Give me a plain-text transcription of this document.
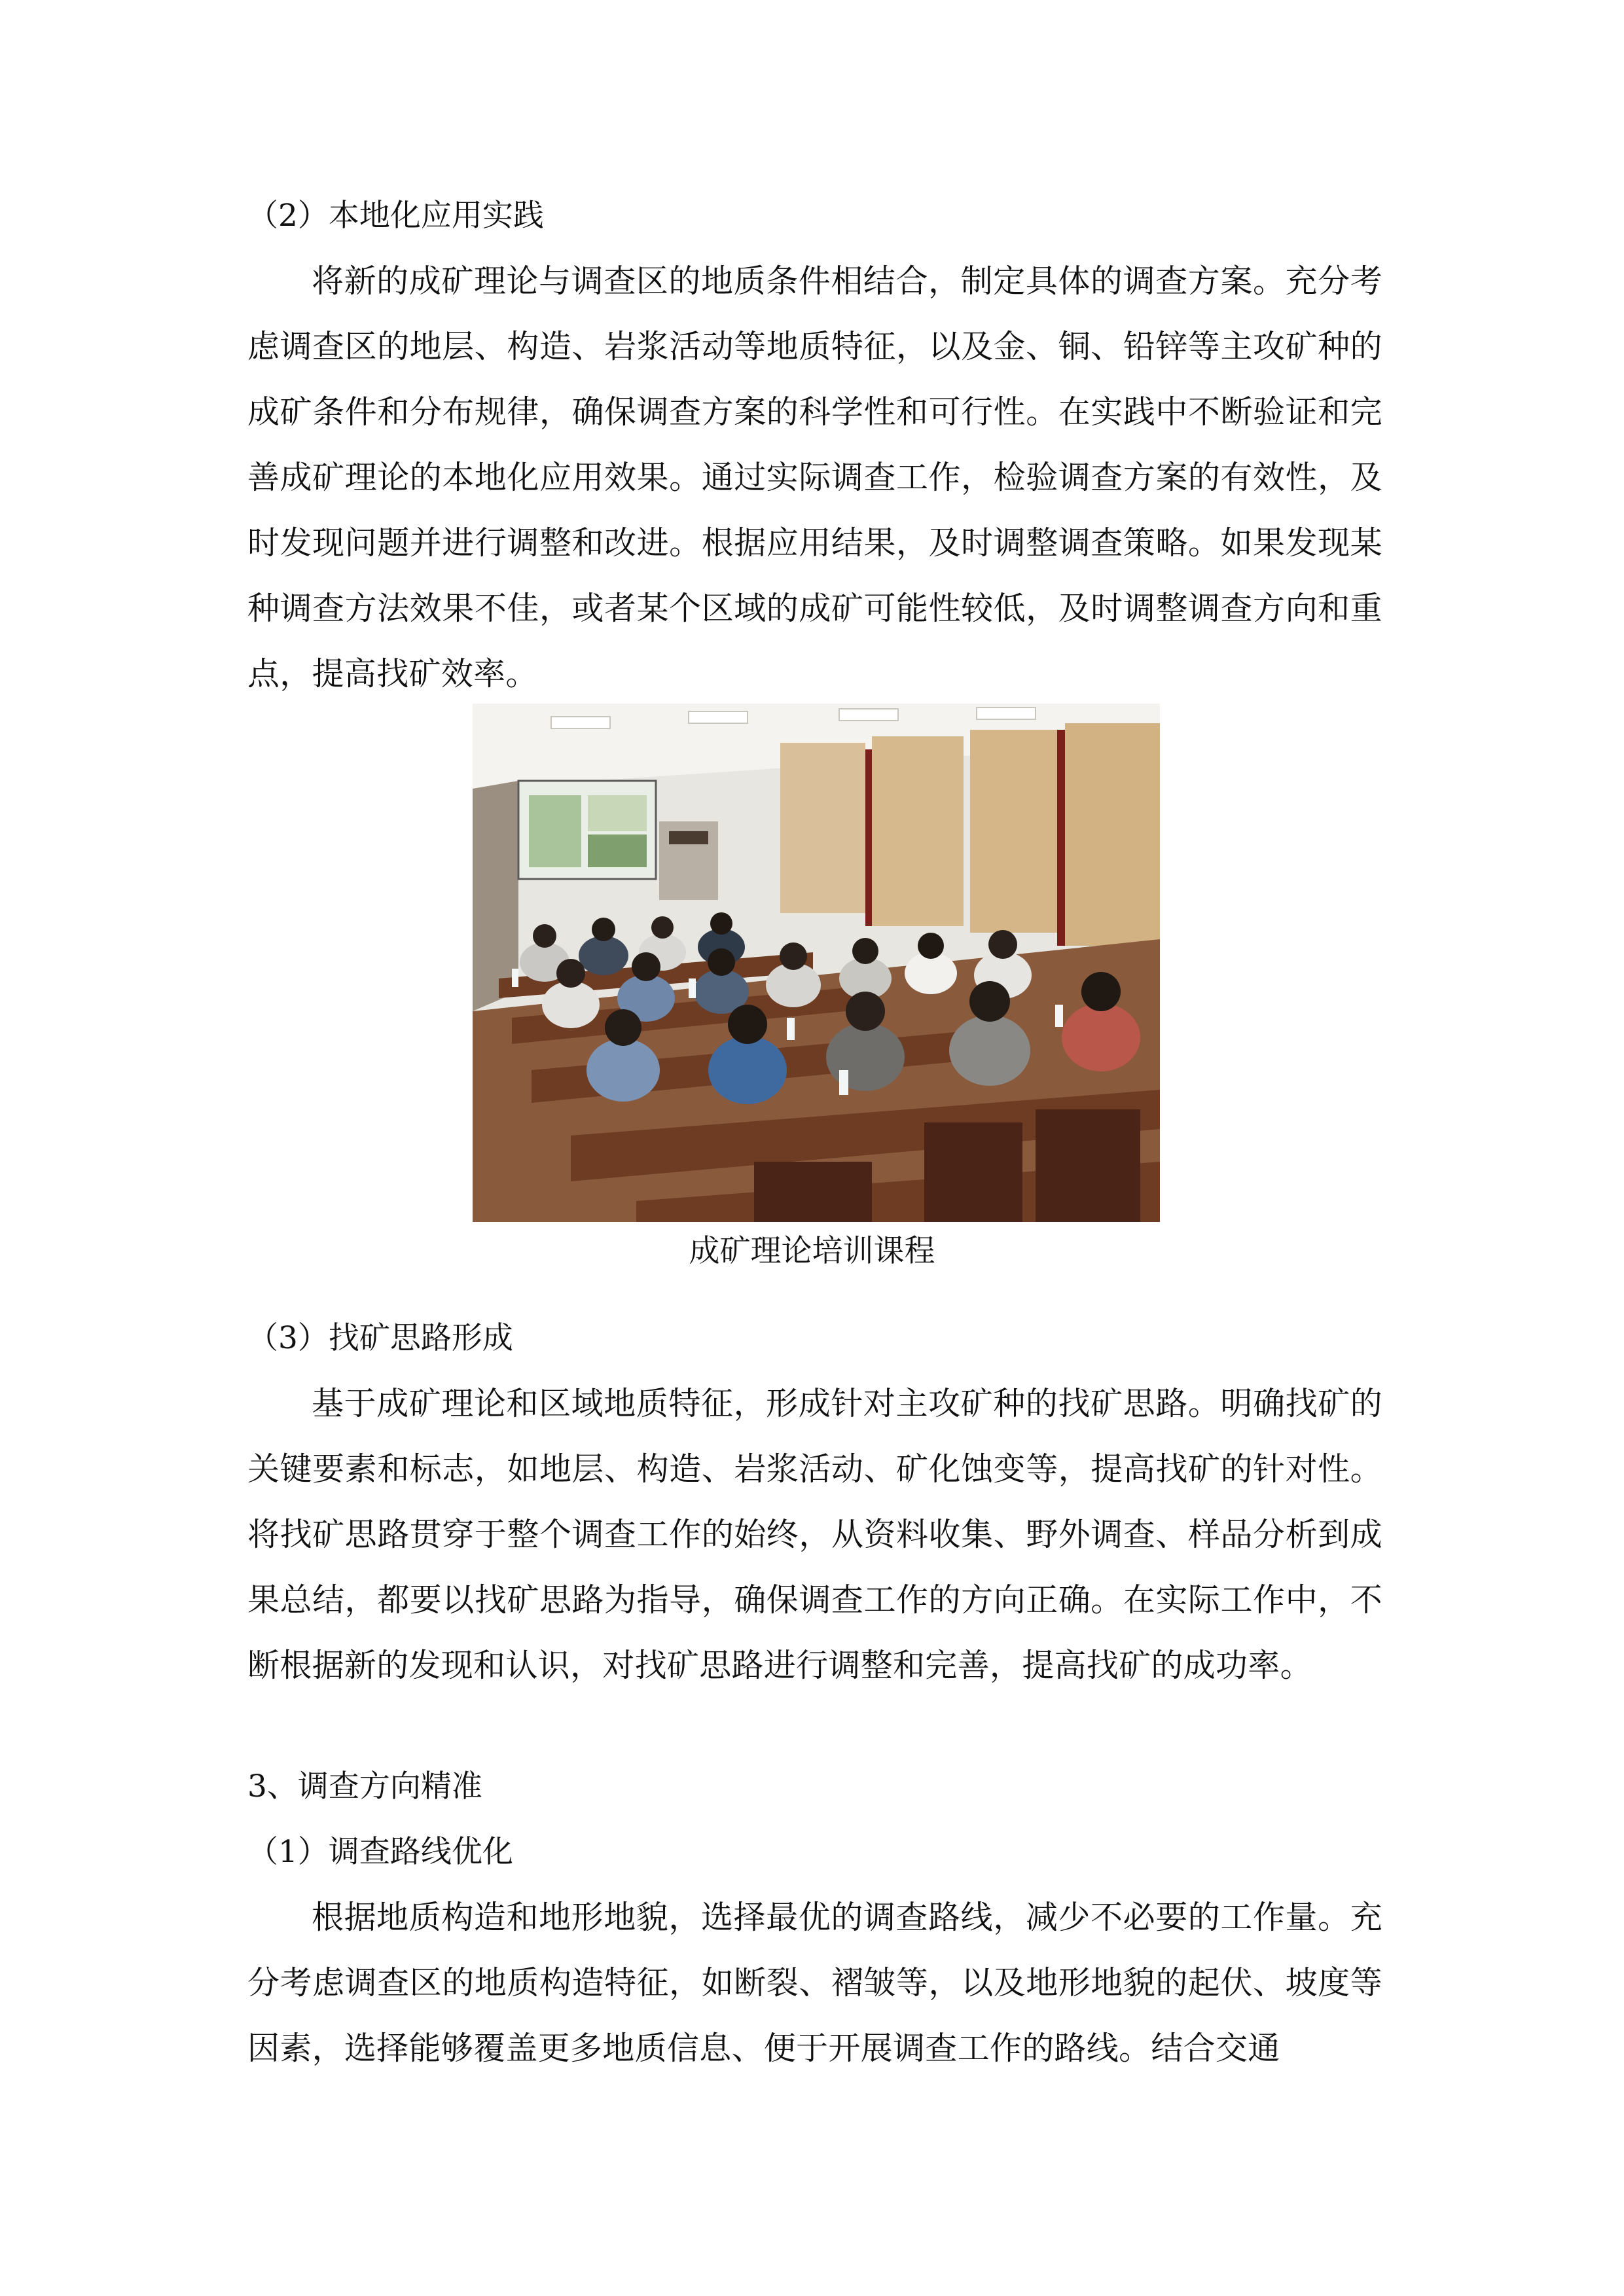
（2）本地化应用实践

将新的成矿理论与调查区的地质条件相结合，制定具体的调查方案。充分考虑调查区的地层、构造、岩浆活动等地质特征，以及金、铜、铅锌等主攻矿种的成矿条件和分布规律，确保调查方案的科学性和可行性。在实践中不断验证和完善成矿理论的本地化应用效果。通过实际调查工作，检验调查方案的有效性，及时发现问题并进行调整和改进。根据应用结果，及时调整调查策略。如果发现某种调查方法效果不佳，或者某个区域的成矿可能性较低，及时调整调查方向和重点，提高找矿效率。

成矿理论培训课程

（3）找矿思路形成

基于成矿理论和区域地质特征，形成针对主攻矿种的找矿思路。明确找矿的关键要素和标志，如地层、构造、岩浆活动、矿化蚀变等，提高找矿的针对性。将找矿思路贯穿于整个调查工作的始终，从资料收集、野外调查、样品分析到成果总结，都要以找矿思路为指导，确保调查工作的方向正确。在实际工作中，不断根据新的发现和认识，对找矿思路进行调整和完善，提高找矿的成功率。

3、调查方向精准

（1）调查路线优化

根据地质构造和地形地貌，选择最优的调查路线，减少不必要的工作量。充分考虑调查区的地质构造特征，如断裂、褶皱等，以及地形地貌的起伏、坡度等因素，选择能够覆盖更多地质信息、便于开展调查工作的路线。结合交通
